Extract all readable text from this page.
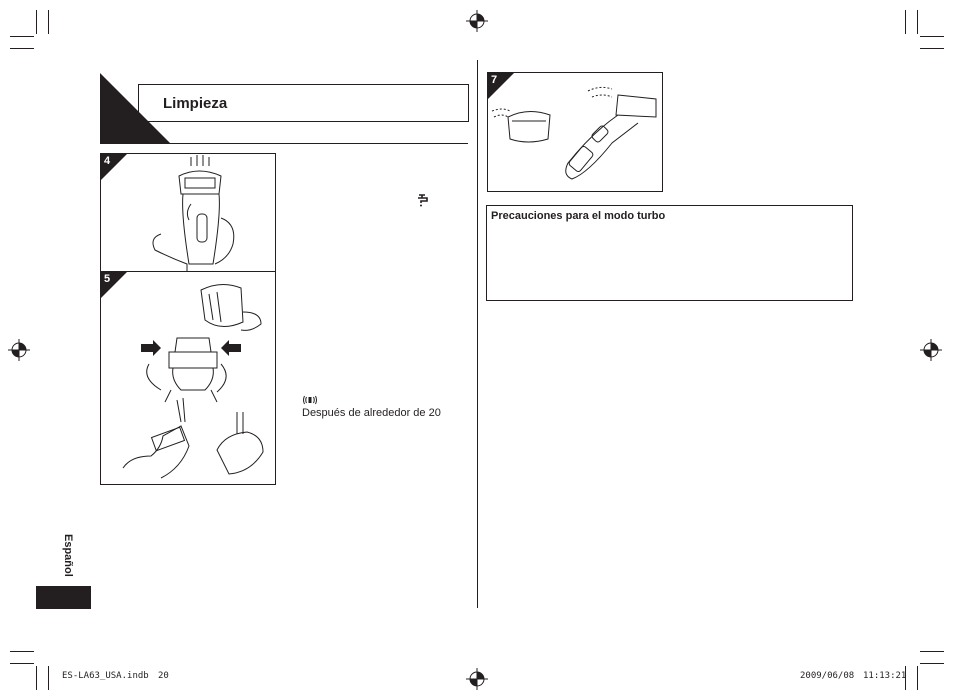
Limpieza
4
5
Después de alrededor de 20
7
Precauciones para el modo turbo
Español
ES-LA63_USA.indb 20	2009/06/08 11:13:21
